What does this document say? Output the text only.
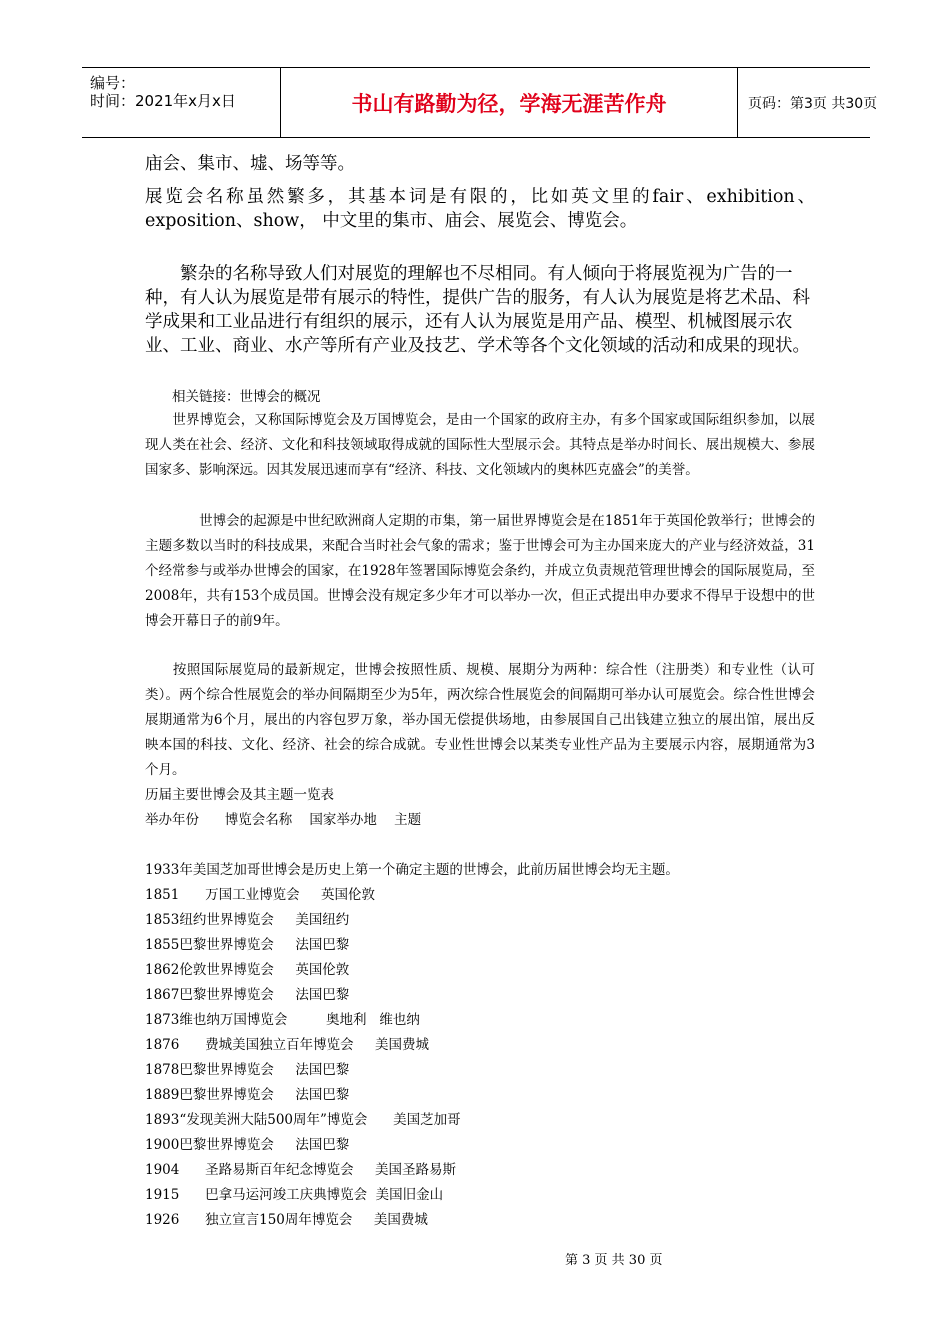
编号：
时间：2021年x月x日	书山有路勤为径，学海无涯苦作舟	页码：第3页 共30页

庙会、集市、墟、场等等。

展览会名称虽然繁多，其基本词是有限的，比如英文里的fair、exhibition、exposition、show， 中文里的集市、庙会、展览会、博览会。

　　繁杂的名称导致人们对展览的理解也不尽相同。有人倾向于将展览视为广告的一种，有人认为展览是带有展示的特性，提供广告的服务，有人认为展览是将艺术品、科学成果和工业品进行有组织的展示，还有人认为展览是用产品、模型、机械图展示农业、工业、商业、水产等所有产业及技艺、学术等各个文化领域的活动和成果的现状。

　　相关链接：世博会的概况

　　世界博览会，又称国际博览会及万国博览会，是由一个国家的政府主办，有多个国家或国际组织参加，以展现人类在社会、经济、文化和科技领域取得成就的国际性大型展示会。其特点是举办时间长、展出规模大、参展国家多、影响深远。因其发展迅速而享有“经济、科技、文化领域内的奥林匹克盛会”的美誉。

　　　　世博会的起源是中世纪欧洲商人定期的市集，第一届世界博览会是在1851年于英国伦敦举行；世博会的主题多数以当时的科技成果，来配合当时社会气象的需求；鉴于世博会可为主办国来庞大的产业与经济效益，31个经常参与或举办世博会的国家，在1928年签署国际博览会条约，并成立负责规范管理世博会的国际展览局，至2008年，共有153个成员国。世博会没有规定多少年才可以举办一次，但正式提出申办要求不得早于设想中的世博会开幕日子的前9年。

　　按照国际展览局的最新规定，世博会按照性质、规模、展期分为两种：综合性（注册类）和专业性（认可类）。两个综合性展览会的举办间隔期至少为5年，两次综合性展览会的间隔期可举办认可展览会。综合性世博会展期通常为6个月，展出的内容包罗万象，举办国无偿提供场地，由参展国自己出钱建立独立的展出馆，展出反映本国的科技、文化、经济、社会的综合成就。专业性世博会以某类专业性产品为主要展示内容，展期通常为3个月。

历届主要世博会及其主题一览表
举办年份      博览会名称    国家举办地    主题
1933年美国芝加哥世博会是历史上第一个确定主题的世博会，此前历届世博会均无主题。
1851      万国工业博览会     英国伦敦
1853纽约世界博览会     美国纽约
1855巴黎世界博览会     法国巴黎
1862伦敦世界博览会     英国伦敦
1867巴黎世界博览会     法国巴黎
1873维也纳万国博览会         奥地利   维也纳
1876      费城美国独立百年博览会     美国费城
1878巴黎世界博览会     法国巴黎
1889巴黎世界博览会     法国巴黎
1893“发现美洲大陆500周年”博览会      美国芝加哥
1900巴黎世界博览会     法国巴黎
1904      圣路易斯百年纪念博览会     美国圣路易斯
1915      巴拿马运河竣工庆典博览会  美国旧金山
1926      独立宣言150周年博览会     美国费城
第 3 页 共 30 页
